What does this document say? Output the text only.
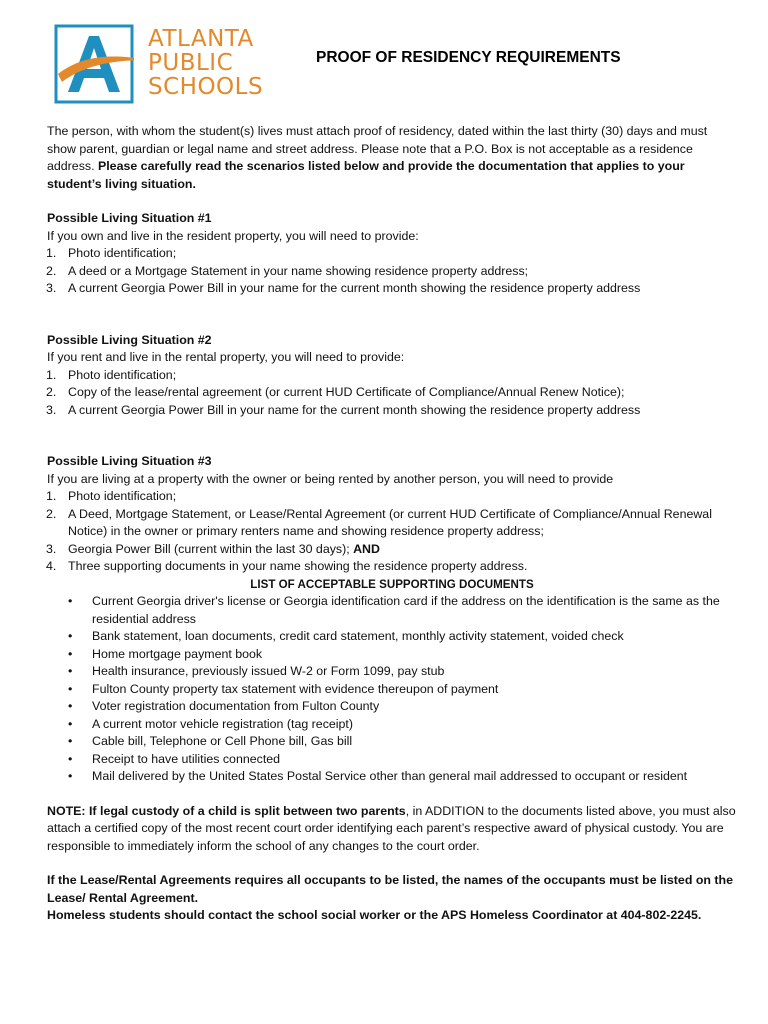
ATLANTA
PUBLIC
SCHOOLS
PROOF OF RESIDENCY REQUIREMENTS

The person, with whom the student(s) lives must attach proof of residency, dated within the last thirty (30) days and must show parent, guardian or legal name and street address. Please note that a P.O. Box is not acceptable as a residence address. Please carefully read the scenarios listed below and provide the documentation that applies to your student’s living situation.

Possible Living Situation #1

If you own and live in the resident property, you will need to provide:

1. Photo identification;
2. A deed or a Mortgage Statement in your name showing residence property address;
3. A current Georgia Power Bill in your name for the current month showing the residence property address

Possible Living Situation #2

If you rent and live in the rental property, you will need to provide:

1. Photo identification;
2. Copy of the lease/rental agreement (or current HUD Certificate of Compliance/Annual Renew Notice);
3. A current Georgia Power Bill in your name for the current month showing the residence property address

Possible Living Situation #3

If you are living at a property with the owner or being rented by another person, you will need to provide

1. Photo identification;
2. A Deed, Mortgage Statement, or Lease/Rental Agreement (or current HUD Certificate of Compliance/Annual Renewal Notice) in the owner or primary renters name and showing residence property address;
3. Georgia Power Bill (current within the last 30 days); AND
4. Three supporting documents in your name showing the residence property address.

LIST OF ACCEPTABLE SUPPORTING DOCUMENTS

• Current Georgia driver's license or Georgia identification card if the address on the identification is the same as the residential address
• Bank statement, loan documents, credit card statement, monthly activity statement, voided check
• Home mortgage payment book
• Health insurance, previously issued W-2 or Form 1099, pay stub
• Fulton County property tax statement with evidence thereupon of payment
• Voter registration documentation from Fulton County
• A current motor vehicle registration (tag receipt)
• Cable bill, Telephone or Cell Phone bill, Gas bill
• Receipt to have utilities connected
• Mail delivered by the United States Postal Service other than general mail addressed to occupant or resident

NOTE: If legal custody of a child is split between two parents, in ADDITION to the documents listed above, you must also attach a certified copy of the most recent court order identifying each parent’s respective award of physical custody. You are responsible to immediately inform the school of any changes to the court order.

If the Lease/Rental Agreements requires all occupants to be listed, the names of the occupants must be listed on the Lease/ Rental Agreement.

Homeless students should contact the school social worker or the APS Homeless Coordinator at 404-802-2245.
